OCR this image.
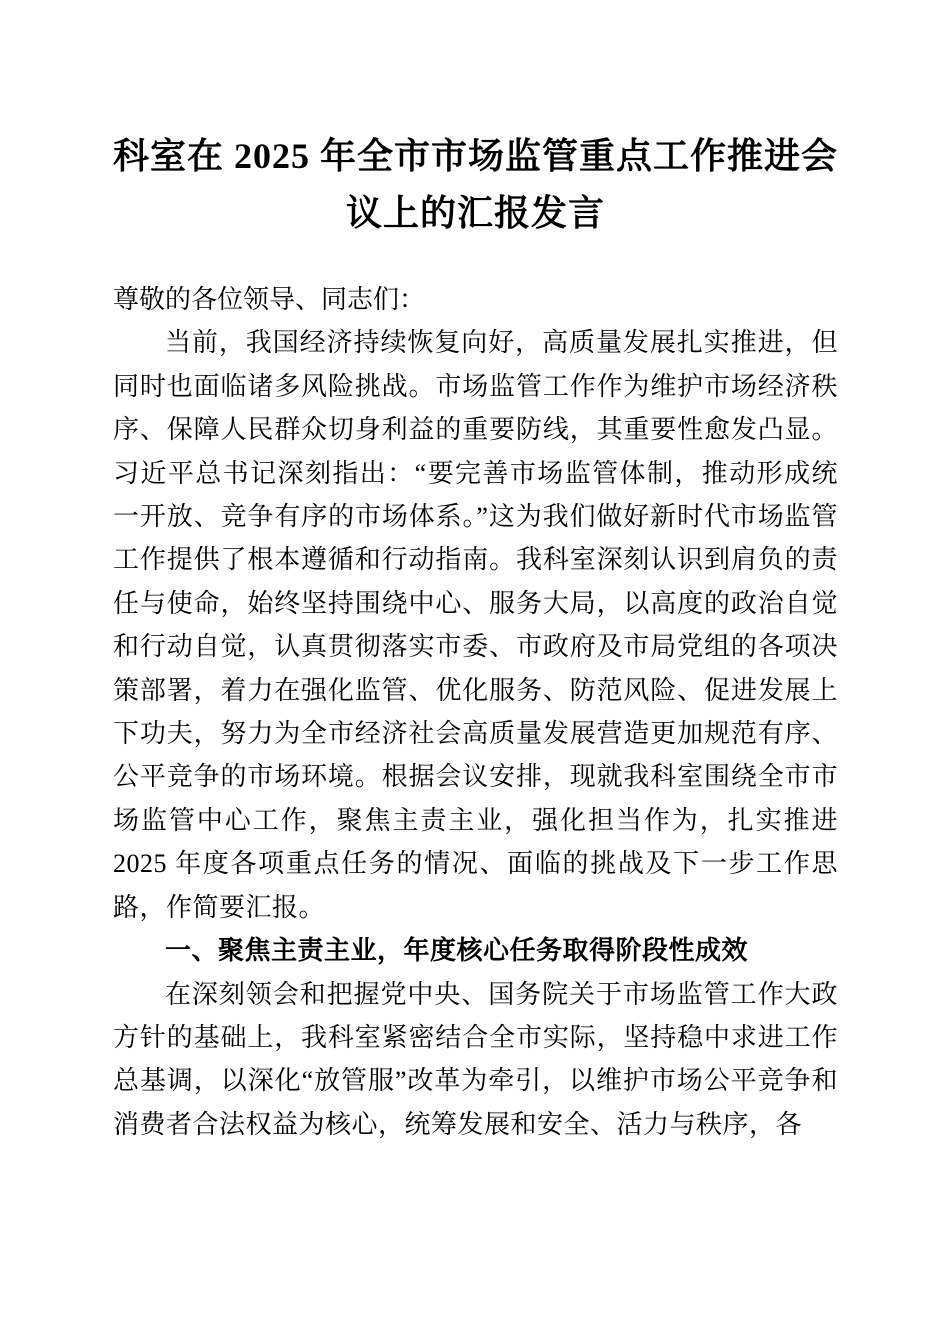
科室在 2025 年全市市场监管重点工作推进会议上的汇报发言

尊敬的各位领导、同志们：

当前，我国经济持续恢复向好，高质量发展扎实推进，但同时也面临诸多风险挑战。市场监管工作作为维护市场经济秩序、保障人民群众切身利益的重要防线，其重要性愈发凸显。习近平总书记深刻指出：“要完善市场监管体制，推动形成统一开放、竞争有序的市场体系。”这为我们做好新时代市场监管工作提供了根本遵循和行动指南。我科室深刻认识到肩负的责任与使命，始终坚持围绕中心、服务大局，以高度的政治自觉和行动自觉，认真贯彻落实市委、市政府及市局党组的各项决策部署，着力在强化监管、优化服务、防范风险、促进发展上下功夫，努力为全市经济社会高质量发展营造更加规范有序、公平竞争的市场环境。根据会议安排，现就我科室围绕全市市场监管中心工作，聚焦主责主业，强化担当作为，扎实推进 2025 年度各项重点任务的情况、面临的挑战及下一步工作思路，作简要汇报。

一、聚焦主责主业，年度核心任务取得阶段性成效

在深刻领会和把握党中央、国务院关于市场监管工作大政方针的基础上，我科室紧密结合全市实际，坚持稳中求进工作总基调，以深化“放管服”改革为牵引，以维护市场公平竞争和消费者合法权益为核心，统筹发展和安全、活力与秩序，各
